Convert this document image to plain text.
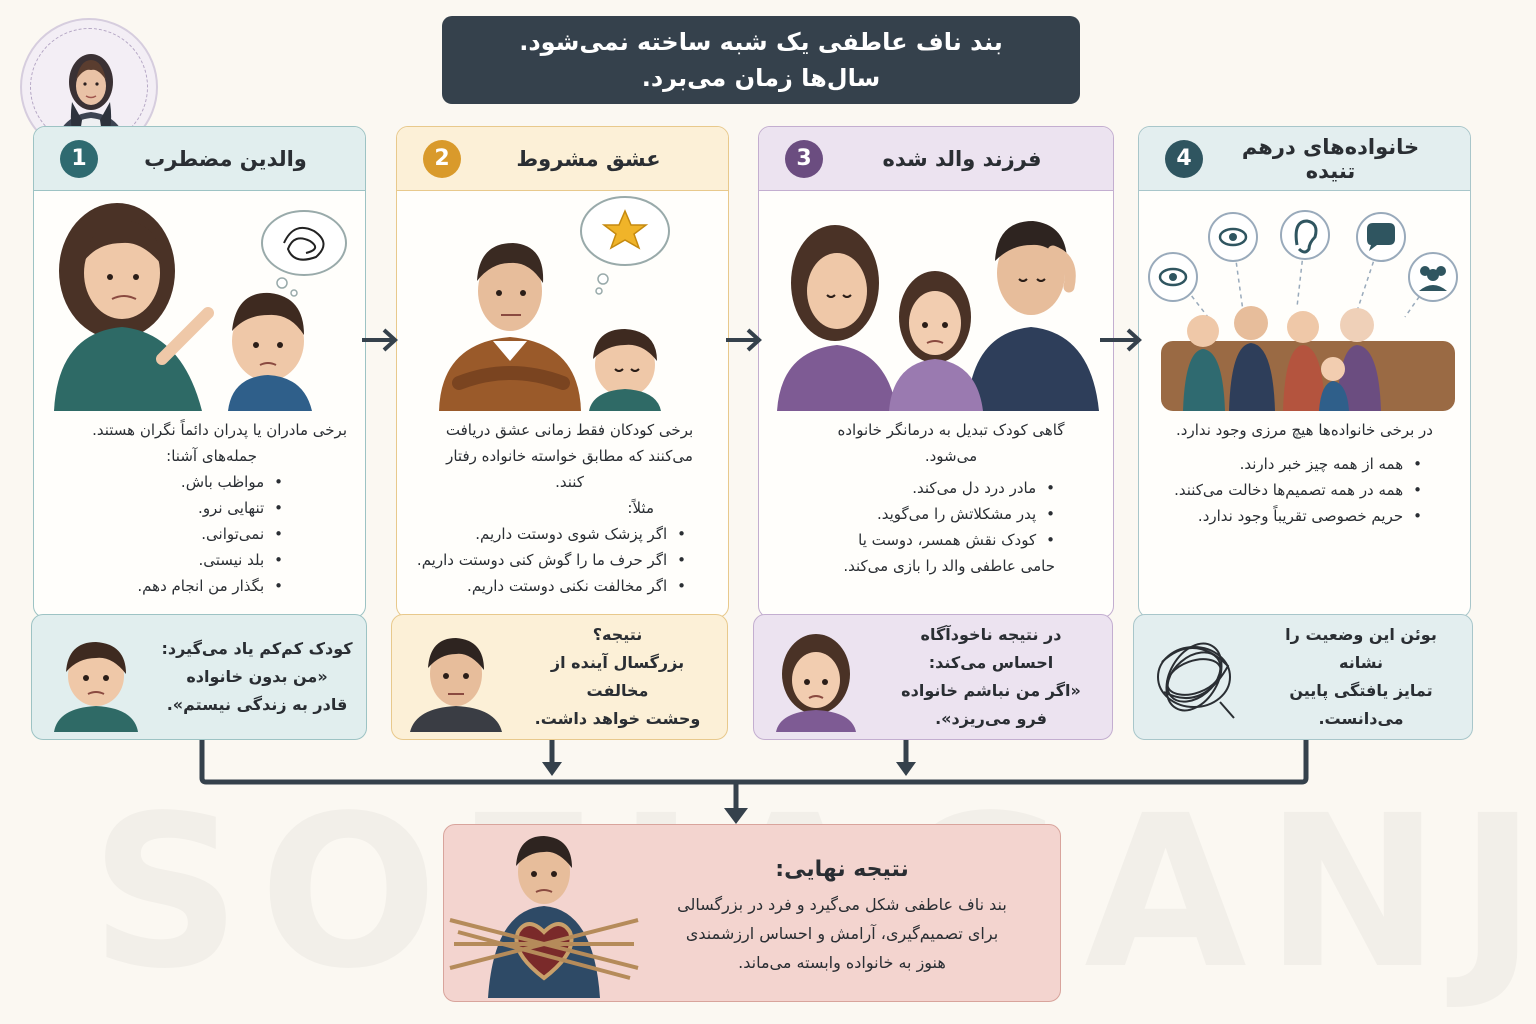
بند ناف عاطفی یک شبه ساخته نمی‌شود.
سال‌ها زمان می‌برد.
والدین مضطرب
1

برخی مادران یا پدران دائماً نگران هستند.

جمله‌های آشنا:

• مواظب باش.
• تنهایی نرو.
• نمی‌توانی.
• بلد نیستی.
• بگذار من انجام دهم.
عشق مشروط
2

برخی کودکان فقط زمانی عشق دریافت می‌کنند که مطابق خواسته خانواده رفتار کنند.

مثلاً:

• اگر پزشک شوی دوستت داریم.
• اگر حرف ما را گوش کنی دوستت داریم.
• اگر مخالفت نکنی دوستت داریم.
فرزند والد شده
3

گاهی کودک تبدیل به درمانگر خانواده می‌شود.

• مادر درد دل می‌کند.
• پدر مشکلاتش را می‌گوید.
• کودک نقش همسر، دوست یا حامی عاطفی والد را بازی می‌کند.
خانواده‌های درهم تنیده
4

در برخی خانواده‌ها هیچ مرزی وجود ندارد.

• همه از همه چیز خبر دارند.
• همه در همه تصمیم‌ها دخالت می‌کنند.
• حریم خصوصی تقریباً وجود ندارد.
کودک کم‌کم یاد می‌گیرد:
«من بدون خانواده
قادر به زندگی نیستم».‏
نتیجه؟
بزرگسال آینده از مخالفت
وحشت خواهد داشت.
در نتیجه ناخودآگاه
احساس می‌کند:
«اگر من نباشم خانواده
فرو می‌ریزد».‏
بوئن این وضعیت را نشانه
تمایز یافتگی پایین می‌دانست.
نتیجه نهایی:
بند ناف عاطفی شکل می‌گیرد و فرد در بزرگسالی
برای تصمیم‌گیری، آرامش و احساس ارزشمندی
هنوز به خانواده وابسته می‌ماند.
